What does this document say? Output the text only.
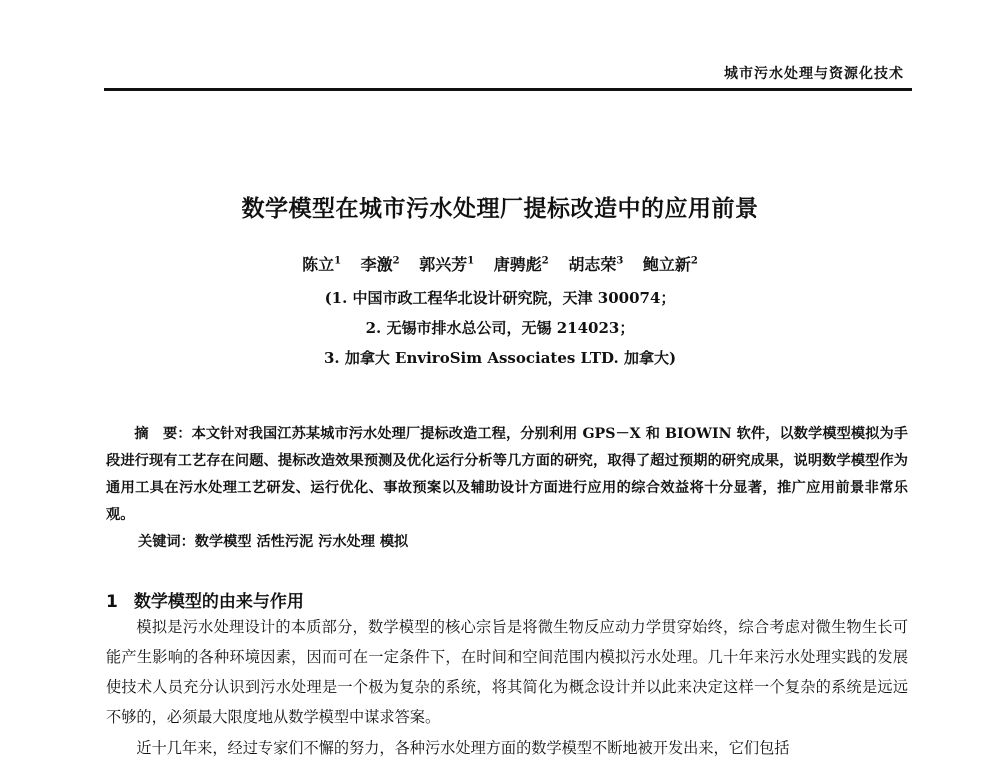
城市污水处理与资源化技术
数学模型在城市污水处理厂提标改造中的应用前景
陈立$^1$ 李激$^2$ 郭兴芳$^1$ 唐骋彪$^2$ 胡志荣$^3$ 鲍立新$^2$
(1. 中国市政工程华北设计研究院，天津 300074；
2. 无锡市排水总公司，无锡 214023；
3. 加拿大 EnviroSim Associates LTD. 加拿大)
摘　要：本文针对我国江苏某城市污水处理厂提标改造工程，分别利用 GPS－X 和 BIOWIN 软件，以数学模型模拟为手段进行现有工艺存在问题、提标改造效果预测及优化运行分析等几方面的研究，取得了超过预期的研究成果，说明数学模型作为通用工具在污水处理工艺研发、运行优化、事故预案以及辅助设计方面进行应用的综合效益将十分显著，推广应用前景非常乐观。
关键词：数学模型 活性污泥 污水处理 模拟
1 数学模型的由来与作用
模拟是污水处理设计的本质部分，数学模型的核心宗旨是将微生物反应动力学贯穿始终，综合考虑对微生物生长可能产生影响的各种环境因素，因而可在一定条件下，在时间和空间范围内模拟污水处理。几十年来污水处理实践的发展使技术人员充分认识到污水处理是一个极为复杂的系统，将其简化为概念设计并以此来决定这样一个复杂的系统是远远不够的，必须最大限度地从数学模型中谋求答案。
近十几年来，经过专家们不懈的努力，各种污水处理方面的数学模型不断地被开发出来，它们包括
